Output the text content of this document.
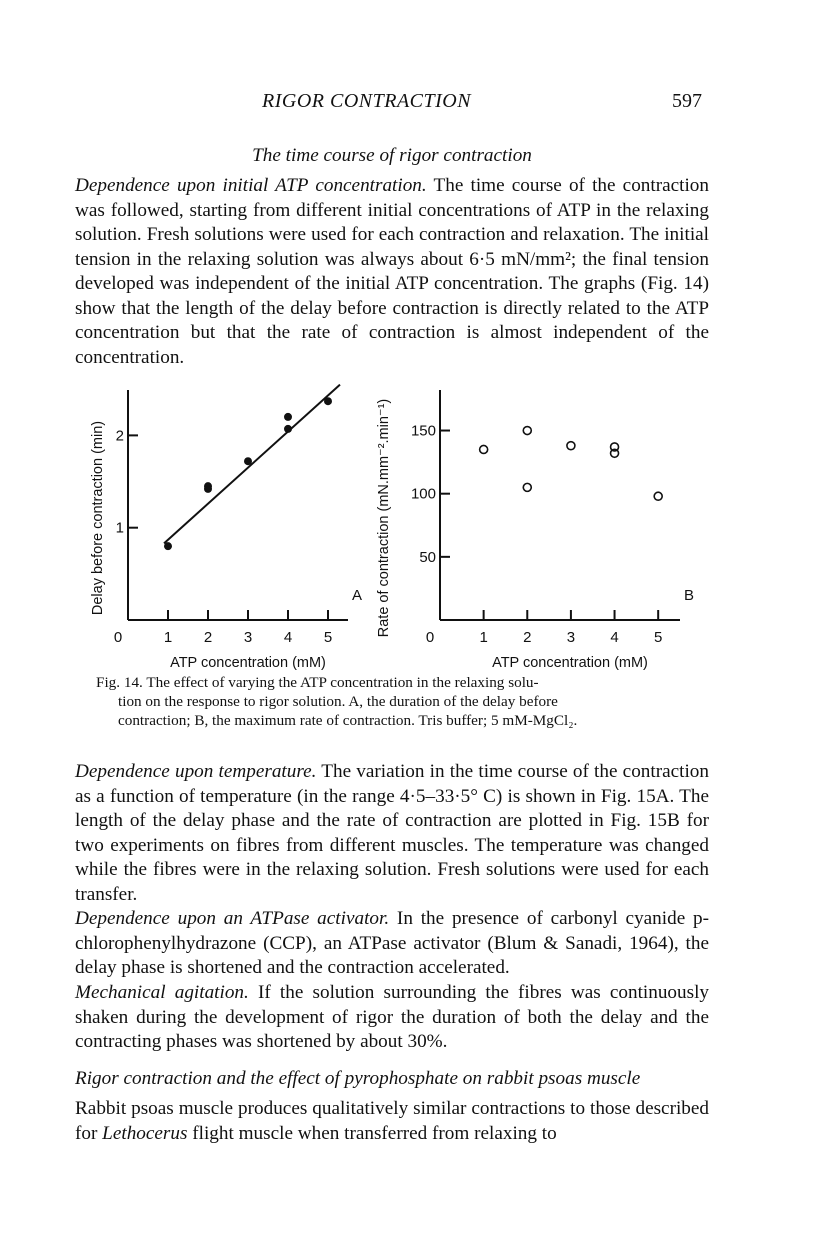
RIGOR CONTRACTION	597
The time course of rigor contraction
Dependence upon initial ATP concentration. The time course of the contraction was followed, starting from different initial concentrations of ATP in the relaxing solution. Fresh solutions were used for each contraction and relaxation. The initial tension in the relaxing solution was always about 6·5 mN/mm²; the final tension developed was independent of the initial ATP concentration. The graphs (Fig. 14) show that the length of the delay before contraction is directly related to the ATP concentration but that the rate of contraction is almost independent of the concentration.
0	1 2 3 4 5
1
2
ATP concentration (mM)
Delay before contraction (min)	A
0	1 2 3 4 5
50
100
150
ATP concentration (mM)
Rate of contraction (mN.mm⁻².min⁻¹)	B
Fig. 14. The effect of varying the ATP concentration in the relaxing solu-
tion on the response to rigor solution. A, the duration of the delay before
contraction; B, the maximum rate of contraction. Tris buffer; 5 mM-MgCl₂.
Dependence upon temperature. The variation in the time course of the contraction as a function of temperature (in the range 4·5–33·5° C) is shown in Fig. 15A. The length of the delay phase and the rate of contraction are plotted in Fig. 15B for two experiments on fibres from different muscles. The temperature was changed while the fibres were in the relaxing solution. Fresh solutions were used for each transfer.
Dependence upon an ATPase activator. In the presence of carbonyl cyanide p-chlorophenylhydrazone (CCP), an ATPase activator (Blum & Sanadi, 1964), the delay phase is shortened and the contraction accelerated.
Mechanical agitation. If the solution surrounding the fibres was continuously shaken during the development of rigor the duration of both the delay and the contracting phases was shortened by about 30%.
Rigor contraction and the effect of pyrophosphate on rabbit psoas muscle
Rabbit psoas muscle produces qualitatively similar contractions to those described for Lethocerus flight muscle when transferred from relaxing to
